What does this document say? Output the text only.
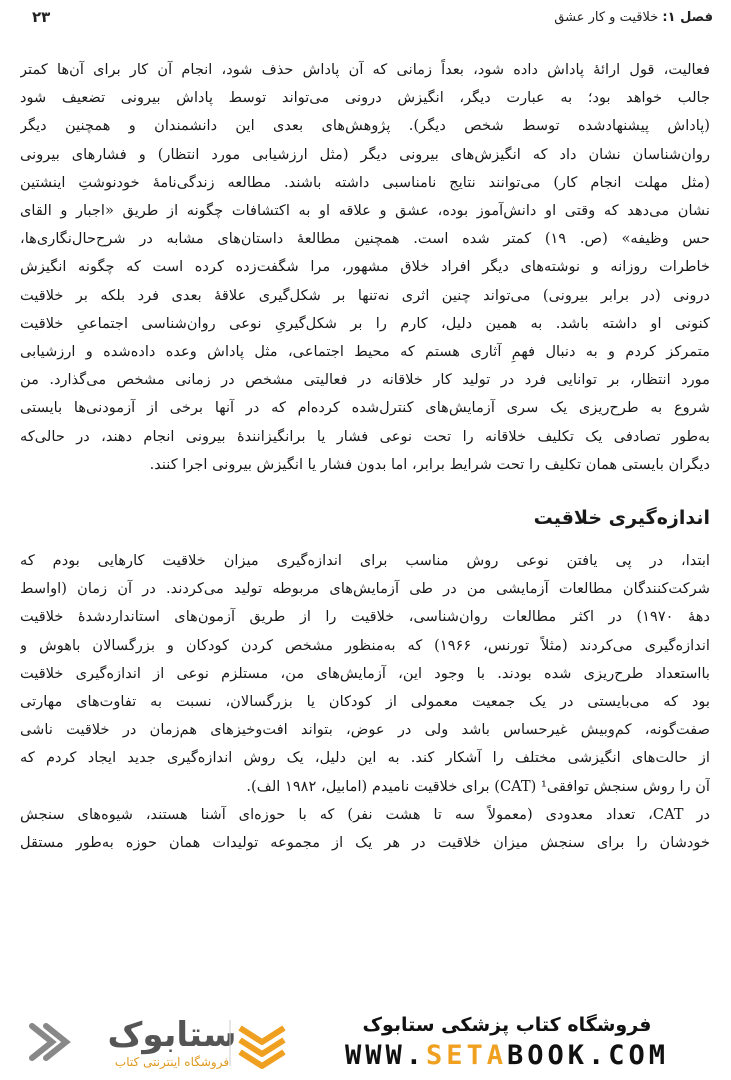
فصل ۱: خلاقیت و کار عشق
۲۳

فعالیت، قول ارائهٔ پاداش داده شود، بعداً زمانی که آن پاداش حذف شود، انجام آن کار برای آن‌ها کمتر
جالب خواهد بود؛ به عبارت دیگر، انگیزش درونی می‌تواند توسط پاداش بیرونی تضعیف شود
(پاداش پیشنهادشده توسط شخص دیگر). پژوهش‌های بعدی این دانشمندان و همچنین دیگر
روان‌شناسان نشان داد که انگیزش‌های بیرونی دیگر (مثل ارزشیابی مورد انتظار) و فشارهای بیرونی
(مثل مهلت انجام کار) می‌توانند نتایج نامناسبی داشته باشند. مطالعه زندگی‌نامهٔ خودنوشتِ اینشتین
نشان می‌دهد که وقتی او دانش‌آموز بوده، عشق و علاقه او به اکتشافات چگونه از طریق «اجبار و القای
حس وظیفه» (ص. ۱۹) کمتر شده است. همچنین مطالعهٔ داستان‌های مشابه در شرح‌حال‌نگاری‌ها،
خاطرات روزانه و نوشته‌های دیگر افراد خلاق مشهور، مرا شگفت‌زده کرده است که چگونه انگیزش
درونی (در برابر بیرونی) می‌تواند چنین اثری نه‌تنها بر شکل‌گیری علاقهٔ بعدی فرد بلکه بر خلاقیت
کنونی او داشته باشد. به همین دلیل، کارم را بر شکل‌گیریِ نوعی روان‌شناسی اجتماعیِ خلاقیت
متمرکز کردم و به دنبال فهمِ آثاری هستم که محیط اجتماعی، مثل پاداش وعده داده‌شده و ارزشیابی
مورد انتظار، بر توانایی فرد در تولید کار خلاقانه در فعالیتی مشخص در زمانی مشخص می‌گذارد. من
شروع به طرح‌ریزی یک سری آزمایش‌های کنترل‌شده کرده‌ام که در آنها برخی از آزمودنی‌ها بایستی
به‌طور تصادفی یک تکلیف خلاقانه را تحت نوعی فشار یا برانگیزانندهٔ بیرونی انجام دهند، در حالی‌که
دیگران بایستی همان تکلیف را تحت شرایط برابر، اما بدون فشار یا انگیزش بیرونی اجرا کنند.

اندازه‌گیری خلاقیت

ابتدا، در پی یافتن نوعی روش مناسب برای اندازه‌گیری میزان خلاقیت کارهایی بودم که
شرکت‌کنندگان مطالعات آزمایشی من در طی آزمایش‌های مربوطه تولید می‌کردند. در آن زمان (اواسط
دههٔ ۱۹۷۰) در اکثر مطالعات روان‌شناسی، خلاقیت را از طریق آزمون‌های استانداردشدهٔ خلاقیت
اندازه‌گیری می‌کردند (مثلاً تورنس، ۱۹۶۶) که به‌منظور مشخص کردن کودکان و بزرگسالان باهوش و
بااستعداد طرح‌ریزی شده بودند. با وجود این، آزمایش‌های من، مستلزم نوعی از اندازه‌گیری خلاقیت
بود که می‌بایستی در یک جمعیت معمولی از کودکان یا بزرگسالان، نسبت به تفاوت‌های مهارتی
صفت‌گونه، کم‌وبیش غیرحساس باشد ولی در عوض، بتواند افت‌وخیزهای هم‌زمان در خلاقیت ناشی
از حالت‌های انگیزشی مختلف را آشکار کند. به این دلیل، یک روش اندازه‌گیری جدید ایجاد کردم که
آن را روش سنجش توافقی¹ (CAT) برای خلاقیت نامیدم (امابیل، ۱۹۸۲ الف).

در CAT، تعداد معدودی (معمولاً سه تا هشت نفر) که با حوزه‌ای آشنا هستند، شیوه‌های سنجش
خودشان را برای سنجش میزان خلاقیت در هر یک از مجموعه تولیدات همان حوزه به‌طور مستقل

ستابوک
فروشگاه اینترنتی کتاب
فروشگاه کتاب پزشکی ستابوک
WWW.SETABOOK.COM
